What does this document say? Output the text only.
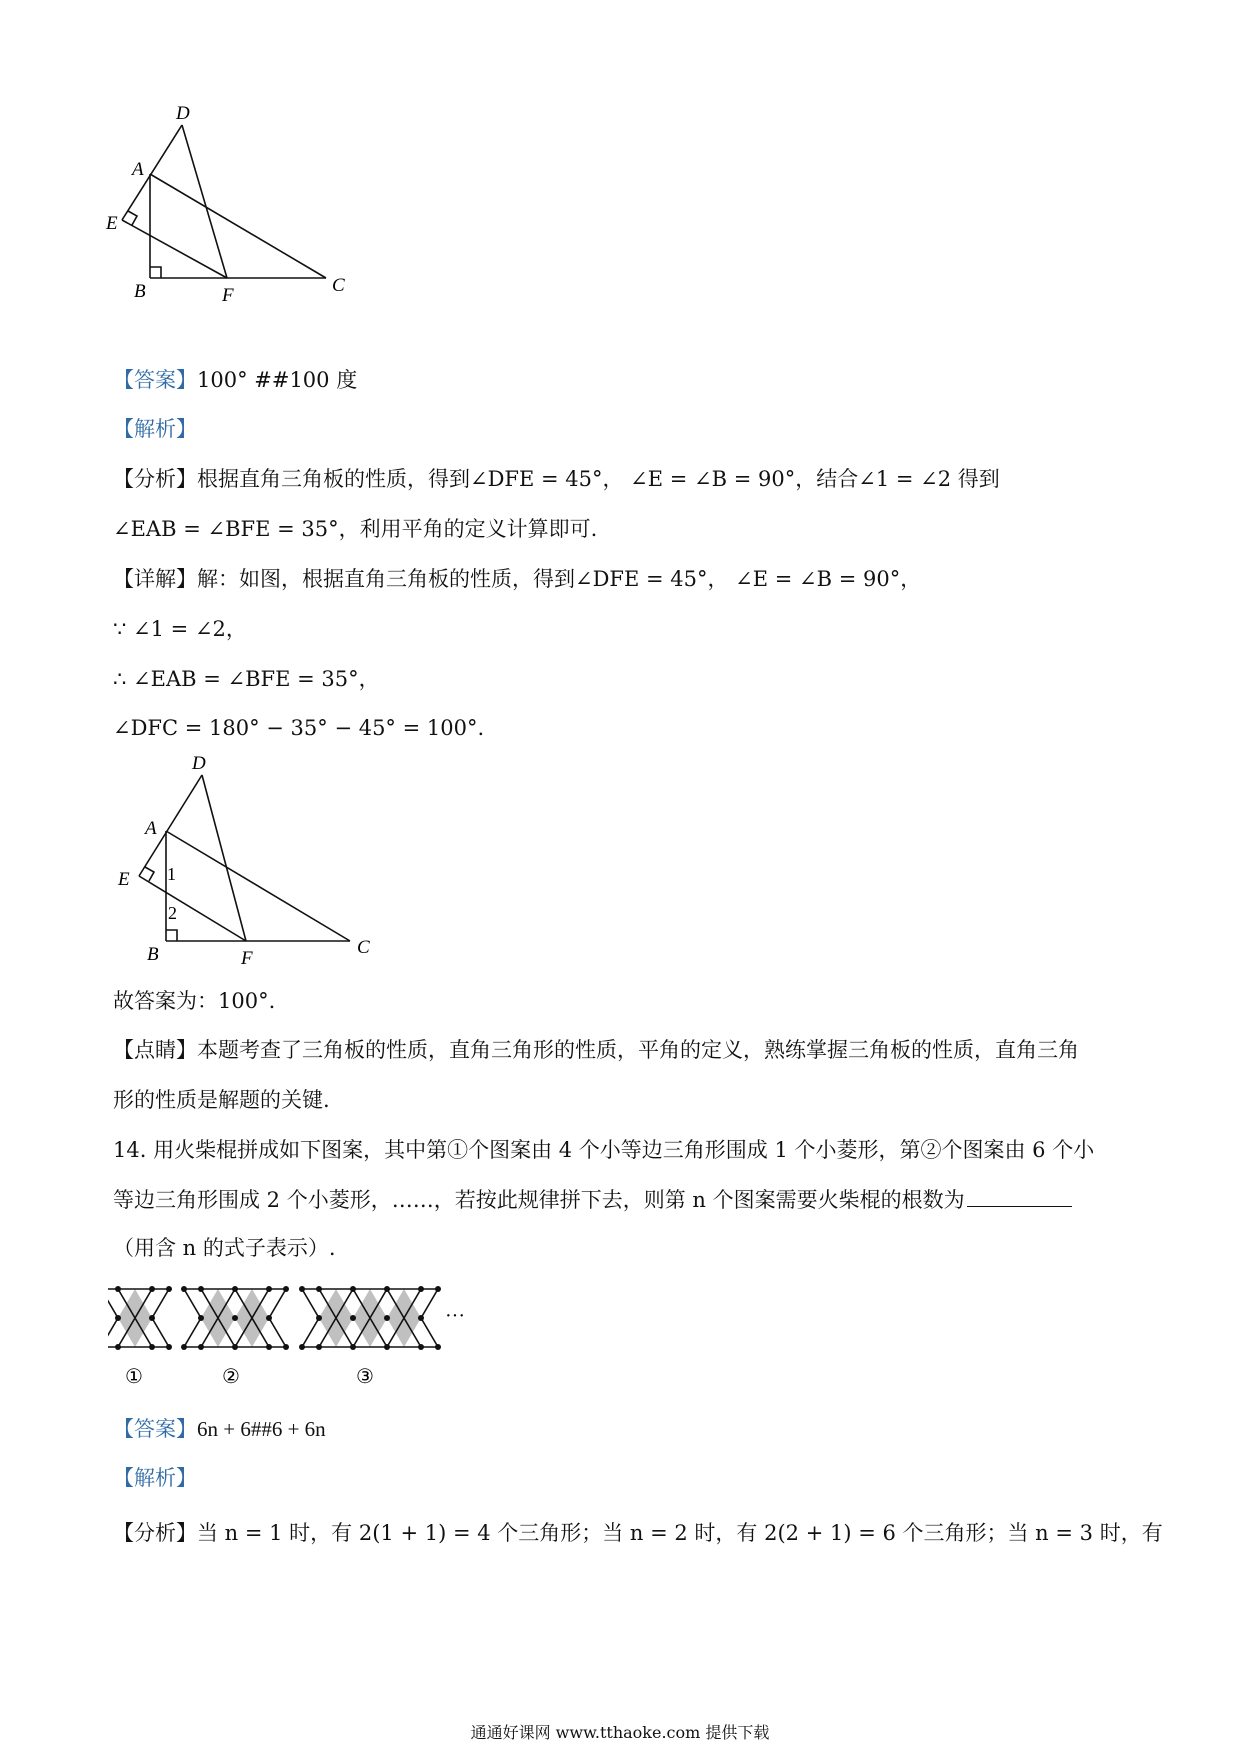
D
A
E
B	F	C
【答案】100° ##100 度
【解析】
【分析】根据直角三角板的性质，得到∠DFE = 45°， ∠E = ∠B = 90°，结合∠1 = ∠2 得到
∠EAB = ∠BFE = 35°，利用平角的定义计算即可.
【详解】解：如图，根据直角三角板的性质，得到∠DFE = 45°， ∠E = ∠B = 90°，
∵ ∠1 = ∠2，
∴ ∠EAB = ∠BFE = 35°，
∠DFC = 180° − 35° − 45° = 100°.
D
A
E
B	F
C
1
2
故答案为：100°.
【点睛】本题考查了三角板的性质，直角三角形的性质，平角的定义，熟练掌握三角板的性质，直角三角
形的性质是解题的关键.
14. 用火柴棍拼成如下图案，其中第①个图案由 4 个小等边三角形围成 1 个小菱形，第②个图案由 6 个小
等边三角形围成 2 个小菱形，……，若按此规律拼下去，则第 n 个图案需要火柴棍的根数为
（用含 n 的式子表示）.
···
①	②	③
【答案】6n + 6##6 + 6n
【解析】
【分析】当 n = 1 时，有 2(1 + 1) = 4 个三角形；当 n = 2 时，有 2(2 + 1) = 6 个三角形；当 n = 3 时，有
通通好课网 www.tthaoke.com 提供下载
